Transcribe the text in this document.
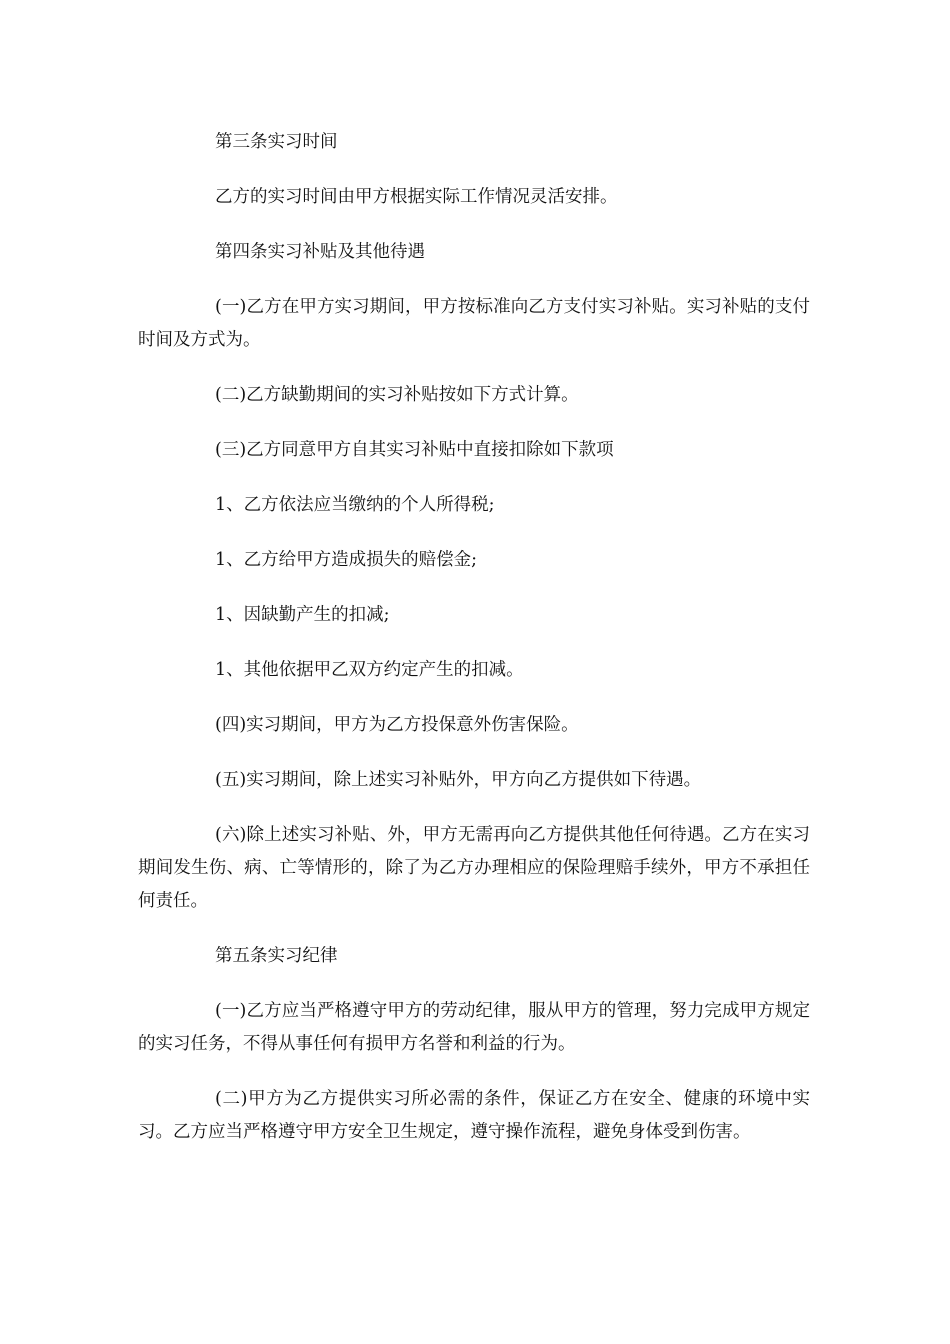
第三条实习时间

乙方的实习时间由甲方根据实际工作情况灵活安排。

第四条实习补贴及其他待遇

(一)乙方在甲方实习期间，甲方按标准向乙方支付实习补贴。实习补贴的支付时间及方式为。

(二)乙方缺勤期间的实习补贴按如下方式计算。

(三)乙方同意甲方自其实习补贴中直接扣除如下款项

1、乙方依法应当缴纳的个人所得税;

1、乙方给甲方造成损失的赔偿金;

1、因缺勤产生的扣减;

1、其他依据甲乙双方约定产生的扣减。

(四)实习期间，甲方为乙方投保意外伤害保险。

(五)实习期间，除上述实习补贴外，甲方向乙方提供如下待遇。

(六)除上述实习补贴、外，甲方无需再向乙方提供其他任何待遇。乙方在实习期间发生伤、病、亡等情形的，除了为乙方办理相应的保险理赔手续外，甲方不承担任何责任。

第五条实习纪律

(一)乙方应当严格遵守甲方的劳动纪律，服从甲方的管理，努力完成甲方规定的实习任务，不得从事任何有损甲方名誉和利益的行为。

(二)甲方为乙方提供实习所必需的条件，保证乙方在安全、健康的环境中实习。乙方应当严格遵守甲方安全卫生规定，遵守操作流程，避免身体受到伤害。
